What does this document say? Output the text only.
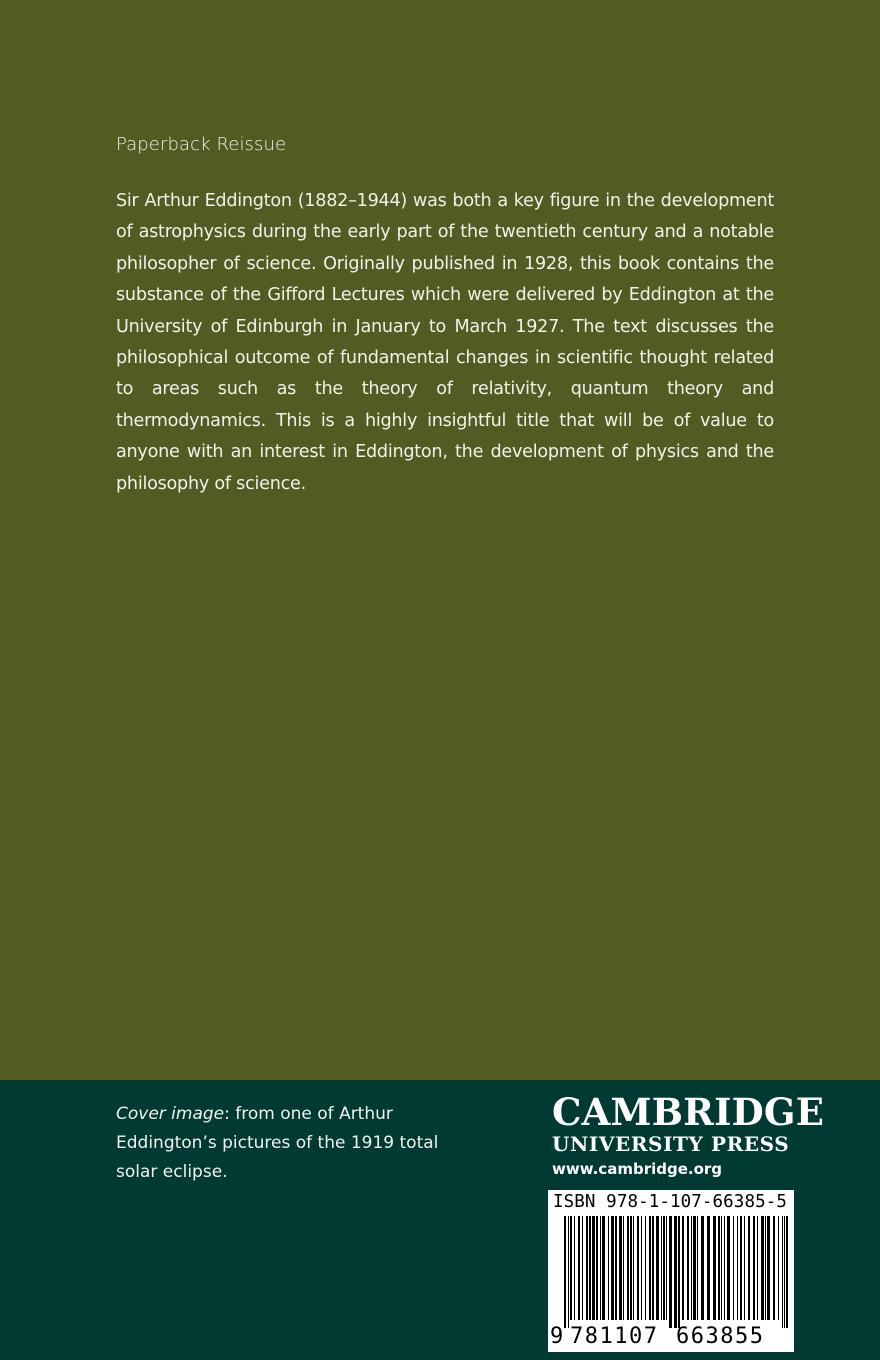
Paperback Reissue

Sir Arthur Eddington (1882–1944) was both a key figure in the development of astrophysics during the early part of the twentieth century and a notable philosopher of science. Originally published in 1928, this book contains the substance of the Gifford Lectures which were delivered by Eddington at the University of Edinburgh in January to March 1927. The text discusses the philosophical outcome of fundamental changes in scientific thought related to areas such as the theory of relativity, quantum theory and thermodynamics. This is a highly insightful title that will be of value to anyone with an interest in Eddington, the development of physics and the philosophy of science.

Cover image: from one of Arthur Eddington’s pictures of the 1919 total solar eclipse.
CAMBRIDGE
UNIVERSITY PRESS
www.cambridge.org
ISBN 978-1-107-66385-5
9 781107 663855
